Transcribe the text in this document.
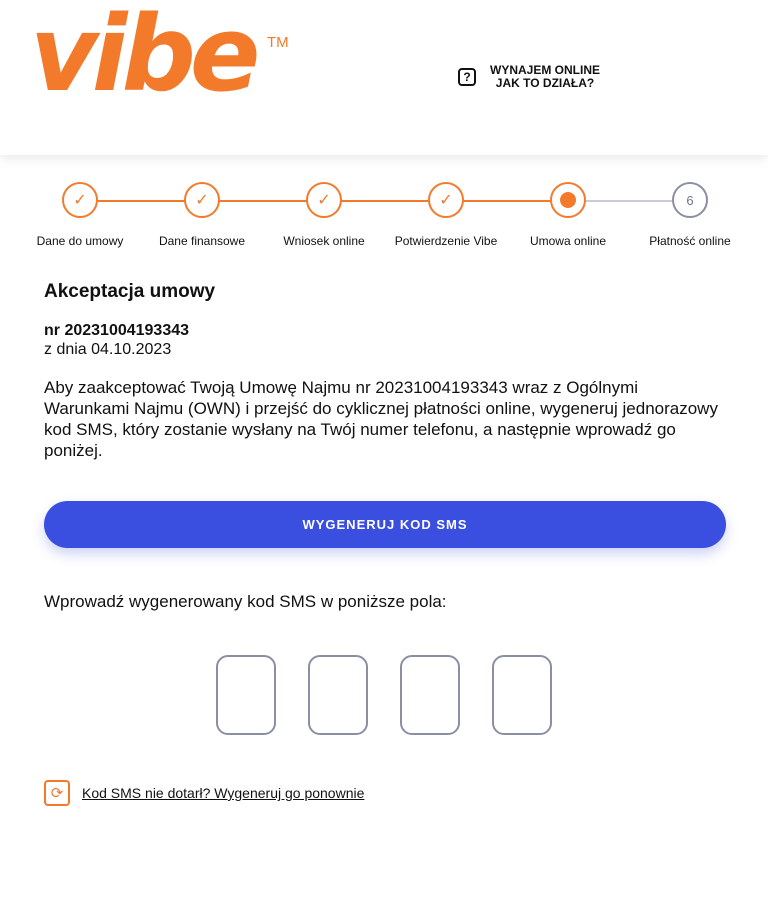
vibe TM
?	WYNAJEM ONLINE
JAK TO DZIAŁA?
✓
Dane do umowy
✓
Dane finansowe
✓
Wniosek online
✓
Potwierdzenie Vibe	Umowa online
6
Płatność online
Akceptacja umowy
nr 20231004193343
z dnia 04.10.2023
Aby zaakceptować Twoją Umowę Najmu nr 20231004193343 wraz z Ogólnymi Warunkami Najmu (OWN) i przejść do cyklicznej płatności online, wygeneruj jednorazowy kod SMS, który zostanie wysłany na Twój numer telefonu, a następnie wprowadź go poniżej.
WYGENERUJ KOD SMS
Wprowadź wygenerowany kod SMS w poniższe pola:
⟳	Kod SMS nie dotarł? Wygeneruj go ponownie
